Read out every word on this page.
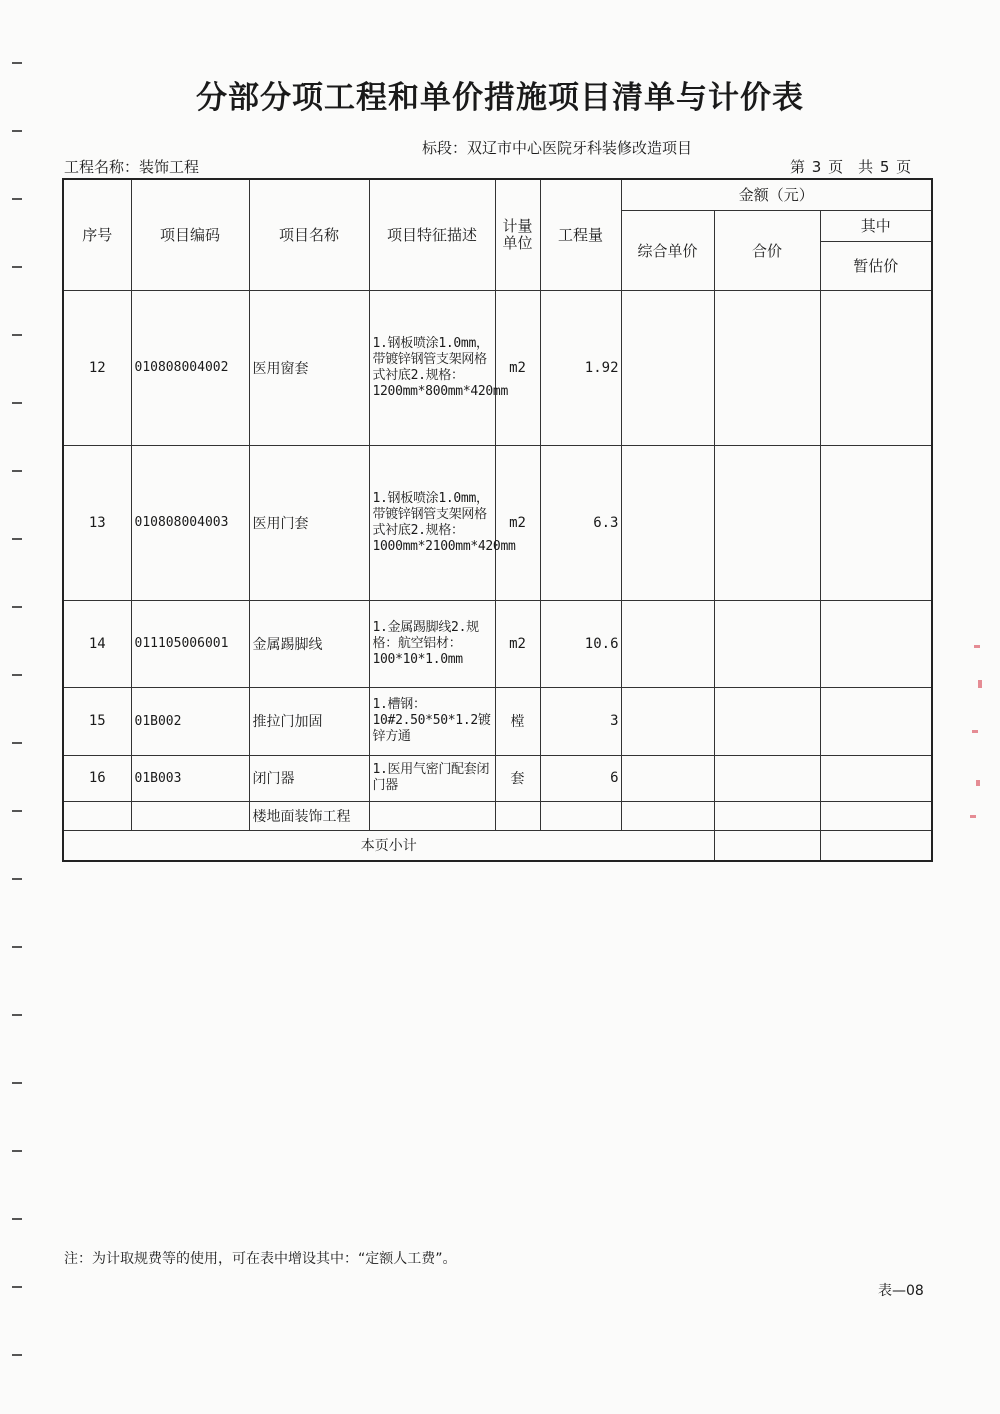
分部分项工程和单价措施项目清单与计价表
工程名称：装饰工程
标段：双辽市中心医院牙科装修改造项目
第 3 页　共 5 页
序号	项目编码	项目名称	项目特征描述	计量单位	工程量	金额（元）		
						综合单价	合价	其中
								暂估价
12	010808004002	医用窗套	1.钢板喷涂1.0mm，带镀锌钢管支架网格式衬底2.规格：1200mm*800mm*420mm	m2	1.92			
13	010808004003	医用门套	1.钢板喷涂1.0mm，带镀锌钢管支架网格式衬底2.规格：1000mm*2100mm*420mm	m2	6.3			
14	011105006001	金属踢脚线	1.金属踢脚线2.规格：航空铝材：100*10*1.0mm	m2	10.6			
15	01B002	推拉门加固	1.槽钢：10#2.50*50*1.2镀锌方通	樘	3			
16	01B003	闭门器	1.医用气密门配套闭门器	套	6			
		楼地面装饰工程						
本页小计								
注：为计取规费等的使用，可在表中增设其中：“定额人工费”。
表—08
